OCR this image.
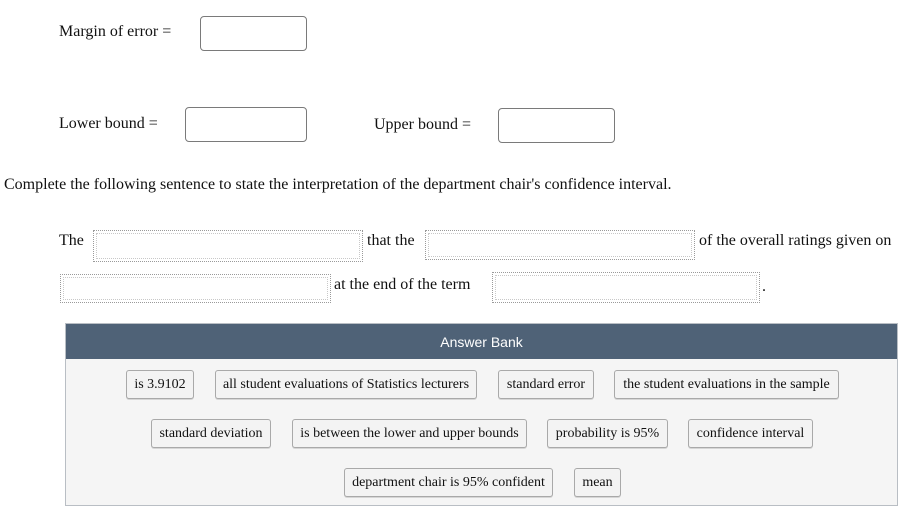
Margin of error =
Lower bound =	Upper bound =
Complete the following sentence to state the interpretation of the department chair's confidence interval.
The	that the	of the overall ratings given on
at the end of the term	.
Answer Bank
is 3.9102	all student evaluations of Statistics lecturers	standard error	the student evaluations in the sample
standard deviation	is between the lower and upper bounds	probability is 95%	confidence interval
department chair is 95% confident	mean
